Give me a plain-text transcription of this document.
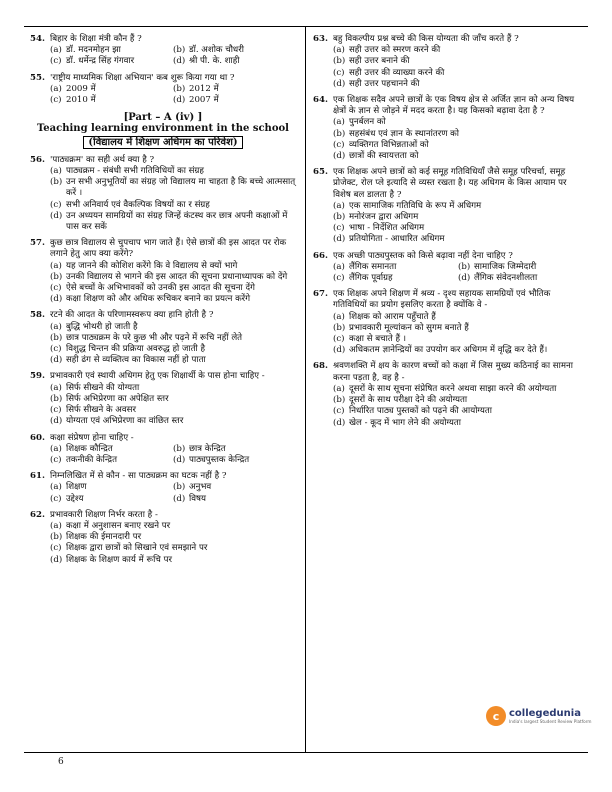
54. बिहार के शिक्षा मंत्री कौन हैं ?
(a) डॉ. मदनमोहन झा	(b) डॉ. अशोक चौधरी
(c) डॉ. धर्मेन्द्र सिंह गंगवार	(d) श्री पी. के. शाही
55. 'राष्ट्रीय माध्यमिक शिक्षा अभियान' कब शुरू किया गया था ?
(a) 2009 में	(b) 2012 में
(c) 2010 में	(d) 2007 में
[Part – A (iv) ]
Teaching learning environment in the school
(विद्यालय में शिक्षण अधिगम का परिवेश)
56. 'पाठ्यक्रम' का सही अर्थ क्या है ?
(a) पाठ्यक्रम - संबंधी सभी गतिविधियों का संग्रह
(b) उन सभी अनुभूतियों का संग्रह जो विद्यालय मा चाहता है कि बच्चे आत्मसात् करें ।
(c) सभी अनिवार्य एवं वैकल्पिक विषयों का र संग्रह
(d) उन अध्ययन सामग्रियों का संग्रह जिन्हें कंटस्थ कर छात्र अपनी कक्षाओं में पास कर सकें
57. कुछ छात्र विद्यालय से चुपचाप भाग जाते हैं। ऐसे छात्रों की इस आदत पर रोक लगाने हेतु आप क्या करेंगे?
(a) यह जानने की कोशिश करेंगे कि वे विद्यालय से क्यों भागे
(b) उनकी विद्यालय से भागने की इस आदत की सूचना प्रधानाध्यापक को देंगे
(c) ऐसे बच्चों के अभिभावकों को उनकी इस आदत की सूचना देंगे
(d) कक्षा शिक्षण को और अधिक रूचिकर बनाने का प्रयत्न करेंगे
58. रटने की आदत के परिणामस्वरूप क्या हानि होती है ?
(a) बुद्धि भोथरी हो जाती है
(b) छात्र पाठ्यक्रम के परे कुछ भी और पढ़ने में रूचि नहीं लेते
(c) विशुद्ध चिन्तन की प्रक्रिया अवरुद्ध हो जाती है
(d) सही ढंग से व्यक्तित्व का विकास नहीं हो पाता
59. प्रभावकारी एवं स्थायी अधिगम हेतु एक शिक्षार्थी के पास होना चाहिए -
(a) सिर्फ सीखने की योग्यता
(b) सिर्फ अभिप्रेरणा का अपेक्षित स्तर
(c) सिर्फ सीखने के अवसर
(d) योग्यता एवं अभिप्रेरणा का वांछित स्तर
60. कक्षा संप्रेषण होना चाहिए -
(a) शिक्षक कौन्द्रित	(b) छात्र केन्द्रित
(c) तकनीकी केन्द्रित	(d) पाठ्यपुस्तक केन्द्रित
61. निम्नलिखित में से कौन - सा पाठ्यक्रम का घटक नहीं है ?
(a) शिक्षण	(b) अनुभव
(c) उद्देश्य	(d) विषय
62. प्रभावकारी शिक्षण निर्भर करता है -
(a) कक्षा में अनुशासन बनाए रखने पर
(b) शिक्षक की ईमानदारी पर
(c) शिक्षक द्वारा छात्रों को सिखाने एवं समझाने पर
(d) शिक्षक के शिक्षण कार्य में रूचि पर
63. बहु विकल्पीय प्रश्न बच्चे की किस योग्यता की जाँच करते हैं ?
(a) सही उत्तर को स्मरण करने की
(b) सही उत्तर बनाने की
(c) सही उत्तर की व्याख्या करने की
(d) सही उत्तर पहचानने की
64. एक शिक्षक सदैव अपने छात्रों के एक विषय क्षेत्र से अर्जित ज्ञान को अन्य विषय क्षेत्रों के ज्ञान से जोड़ने में मदद करता है। यह किसको बढ़ावा देता है ?
(a) पुनर्बलन को
(b) सहसंबंध एवं ज्ञान के स्थानांतरण को
(c) व्यक्तिगत विभिन्नताओं को
(d) छात्रों की स्वायत्तता को
65. एक शिक्षक अपने छात्रों को कई समूह गतिविधियाँ जैसे समूह परिचर्चा, समूह प्रोजेक्ट, रोल प्ले इत्यादि से व्यस्त रखता है। यह अधिगम के किस आयाम पर विशेष बल डालता है ?
(a) एक सामाजिक गतिविधि के रूप में अधिगम
(b) मनोरंजन द्वारा अधिगम
(c) भाषा - निर्देशित अधिगम
(d) प्रतियोगिता - आधारित अधिगम
66. एक अच्छी पाठ्यपुस्तक को किसे बढ़ावा नहीं देना चाहिए ?
(a) लैंगिक समानता	(b) सामाजिक जिम्मेदारी
(c) लैंगिक पूर्वाग्रह	(d) लैंगिक संवेदनशीलता
67. एक शिक्षक अपने शिक्षण में श्रव्य - दृश्य सहायक सामग्रियों एवं भौतिक गतिविधियों का प्रयोग इसलिए करता है क्योंकि वे -
(a) शिक्षक को आराम पहुँचाते हैं
(b) प्रभावकारी मूल्यांकन को सुगम बनाते हैं
(c) कक्षा से बचाते हैं ।
(d) अधिकतम ज्ञानेन्द्रियों का उपयोग कर अधिगम में वृद्धि कर देते हैं।
68. श्रवणशक्ति में क्षय के कारण बच्चों को कक्षा में जिस मुख्य कठिनाई का सामना करना पड़ता है, वह है -
(a) दूसरों के साथ सूचना संप्रेषित करने अथवा साझा करने की अयोग्यता
(b) दूसरों के साथ परीक्षा देने की अयोग्यता
(c) निर्धारित पाठ्य पुस्तकों को पढ़ने की आयोग्यता
(d) खेल - कूद में भाग लेने की अयोग्यता
c collegedunia
India's largest Student Review Platform
6
